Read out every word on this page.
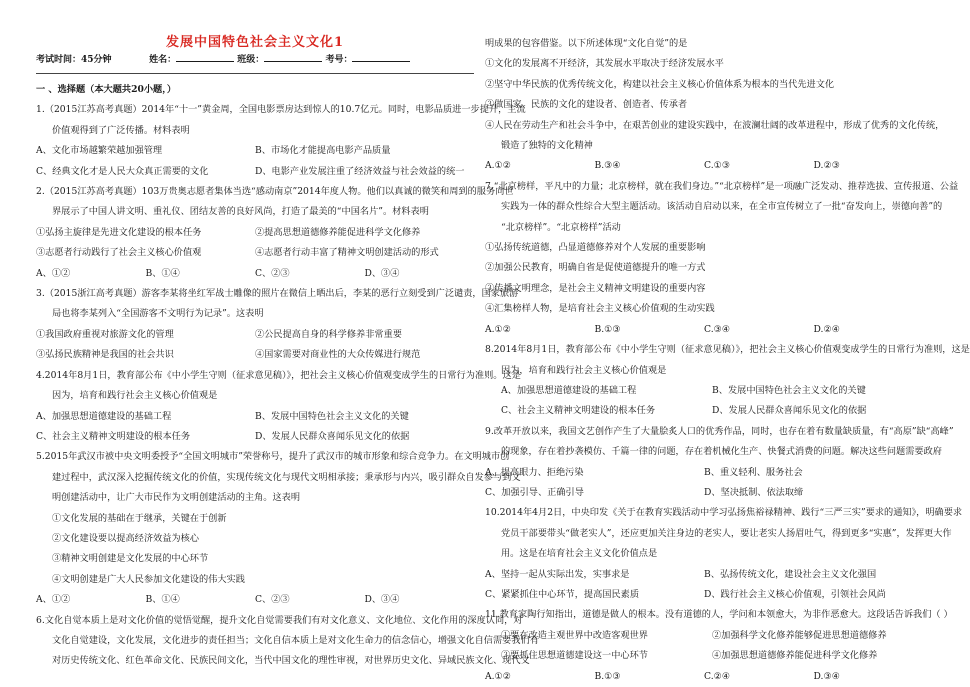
发展中国特色社会主义文化1
考试时间：45分钟	姓名：	班级：	考号：
一 、选择题（本大题共20小题，）
1.（2015江苏高考真题）2014年“十一”黄金周，全国电影票房达到惊人的10.7亿元。同时，电影品质进一步提升，主流
价值观得到了广泛传播。材料表明
A、文化市场越繁荣越加强管理	B、市场化才能提高电影产品质量
C、经典文化才是人民大众真正需要的文化	D、电影产业发展注重了经济效益与社会效益的统一
2.（2015江苏高考真题）103万贵奥志愿者集体当选“感动南京”2014年度人物。他们以真诚的微笑和周到的服务向世
界展示了中国人讲文明、重礼仪、团结友善的良好风尚，打造了最美的“中国名片”。材料表明
①弘扬主旋律是先进文化建设的根本任务	②提高思想道德修养能促进科学文化修养
③志愿者行动践行了社会主义核心价值观	④志愿者行动丰富了精神文明创建活动的形式
A、①②	B、①④	C、②③	D、③④
3.（2015浙江高考真题）游客李某将坐红军战士雕像的照片在微信上晒出后，李某的恶行立刻受到广泛谴责，国家旅游
局也将李某列入“全国游客不文明行为记录”。这表明
①我国政府重视对旅游文化的管理	②公民提高自身的科学修养非常重要
③弘扬民族精神是我国的社会共识	④国家需要对商业性的大众传媒进行规范
4.2014年8月1日，教育部公布《中小学生守则（征求意见稿）》，把社会主义核心价值观变成学生的日常行为准则。这是
因为，培育和践行社会主义核心价值观是
A、加强思想道德建设的基础工程	B、发展中国特色社会主义文化的关键
C、社会主义精神文明建设的根本任务	D、发展人民群众喜闻乐见文化的依据
5.2015年武汉市被中央文明委授予“全国文明城市”荣誉称号，提升了武汉市的城市形象和综合竞争力。在文明城市创
建过程中，武汉深入挖掘传统文化的价值，实现传统文化与现代文明相承接；秉承形与内兴，吸引群众自发参与到文
明创建活动中，让广大市民作为文明创建活动的主角。这表明
①文化发展的基础在于继承，关键在于创新
②文化建设要以提高经济效益为核心
③精神文明创建是文化发展的中心环节
④文明创建是广大人民参加文化建设的伟大实践
A、①②	B、①④	C、②③	D、③④
6.文化自觉本质上是对文化价值的觉悟觉醒，提升文化自觉需要我们有对文化意义、文化地位、文化作用的深度认同，对
文化自觉建设，文化发展，文化进步的责任担当；文化自信本质上是对文化生命力的信念信心，增强文化自信需要我们有
对历史传统文化、红色革命文化、民族民间文化，当代中国文化的理性审视，对世界历史文化、异域民族文化、现代文
明成果的包容借鉴。以下所述体现“文化自觉”的是
①文化的发展离不开经济，其发展水平取决于经济发展水平
②坚守中华民族的优秀传统文化，构建以社会主义核心价值体系为根本的当代先进文化
③做国家、民族的文化的建设者、创造者、传承者
④人民在劳动生产和社会斗争中，在艰苦创业的建设实践中，在波澜壮阔的改革进程中，形成了优秀的文化传统，
锻造了独特的文化精神
A.①②	B.③④	C.①③	D.②③
7.“北京榜样，平凡中的力量；北京榜样，就在我们身边。”“北京榜样”是一项融广泛发动、推荐选拔、宣传报道、公益
实践为一体的群众性综合大型主题活动。该活动自启动以来，在全市宣传树立了一批“奋发向上，崇德向善”的
“北京榜样”。“北京榜样”活动
①弘扬传统道德，凸显道德修养对个人发展的重要影响
②加强公民教育，明确自省是促使道德提升的唯一方式
③传播文明理念，是社会主义精神文明建设的重要内容
④汇集榜样人物，是培育社会主义核心价值观的生动实践
A.①②	B.①③	C.③④	D.②④
8.2014年8月1日，教育部公布《中小学生守则（征求意见稿）》，把社会主义核心价值观变成学生的日常行为准则，这是
因为，培育和践行社会主义核心价值观是
A、加强思想道德建设的基础工程	B、发展中国特色社会主义文化的关键
C、社会主义精神文明建设的根本任务	D、发展人民群众喜闻乐见文化的依据
9.改革开放以来，我国文艺创作产生了大量脍炙人口的优秀作品，同时，也存在着有数量缺质量，有“高原”缺“高峰”
的现象，存在着抄袭模仿、千篇一律的问题，存在着机械化生产、快餐式消费的问题。解决这些问题需要政府
A、提高眼力、拒绝污染	B、重义轻利、服务社会
C、加强引导、正确引导	D、坚决抵制、依法取缔
10.2014年4月2日，中央印发《关于在教育实践活动中学习弘扬焦裕禄精神、践行“三严三实”要求的通知》，明确要求
党员干部要带头“做老实人”，还应更加关注身边的老实人，要让老实人扬眉吐气，得到更多“实惠”，发挥更大作
用。这是在培育社会主义文化价值点是
A、坚持一起从实际出发，实事求是	B、弘扬传统文化，建设社会主义文化强国
C、紧紧抓住中心环节，提高国民素质	D、践行社会主义核心价值观，引领社会风尚
11.教育家陶行知指出，道德是做人的根本。没有道德的人，学问和本领愈大，为非作恶愈大。这段话告诉我们（ ）
①要在改造主观世界中改造客观世界	②加强科学文化修养能够促进思想道德修养
③要抓住思想道德建设这一中心环节	④加强思想道德修养能促进科学文化修养
A.①②	B.①③	C.②④	D.③④
